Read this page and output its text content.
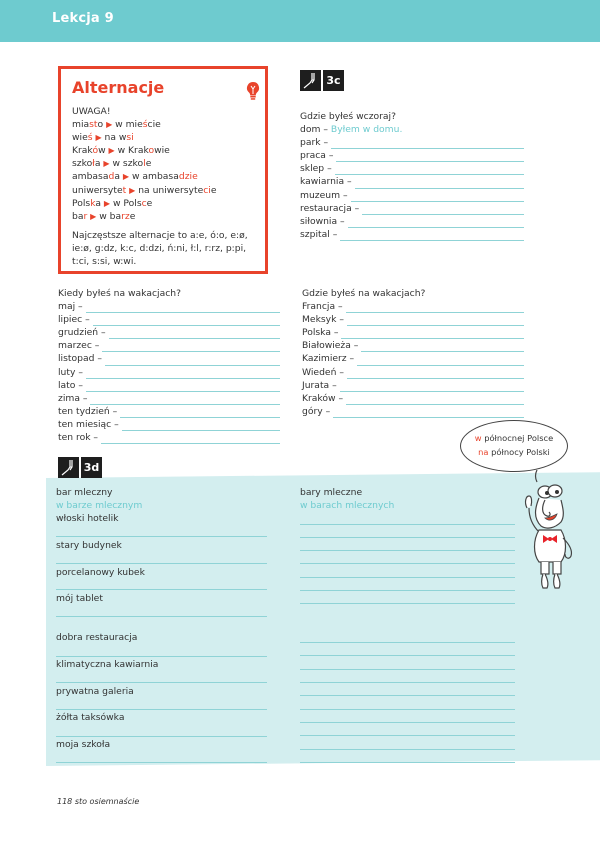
Lekcja 9
Alternacje
UWAGA!
miasto ▶ w mieście
wieś ▶ na wsi
Kraków ▶ w Krakowie
szkoła ▶ w szkole
ambasada ▶ w ambasadzie
uniwersytet ▶ na uniwersytecie
Polska ▶ w Polsce
bar ▶ w barze
Najczęstsze alternacje to a:e, ó:o, e:ø, ie:ø, g:dz, k:c, d:dzi, ń:ni, ł:l, r:rz, p:pi, t:ci, s:si, w:wi.
3c
Gdzie byłeś wczoraj?
dom – Byłem w domu.
park –
praca –
sklep –
kawiarnia –
muzeum –
restauracja –
siłownia –
szpital –
Kiedy byłeś na wakacjach?
maj –
lipiec –
grudzień –
marzec –
listopad –
luty –
lato –
zima –
ten tydzień –
ten miesiąc –
ten rok –
Gdzie byłeś na wakacjach?
Francja –
Meksyk –
Polska –
Białowieża –
Kazimierz –
Wiedeń –
Jurata –
Kraków –
góry –
3d
bar mleczny
w barze mlecznym
włoski hotelik
stary budynek
porcelanowy kubek
mój tablet
dobra restauracja
klimatyczna kawiarnia
prywatna galeria
żółta taksówka
moja szkoła
bary mleczne
w barach mlecznych
w północnej Polsce
na północy Polski
118 sto osiemnaście
